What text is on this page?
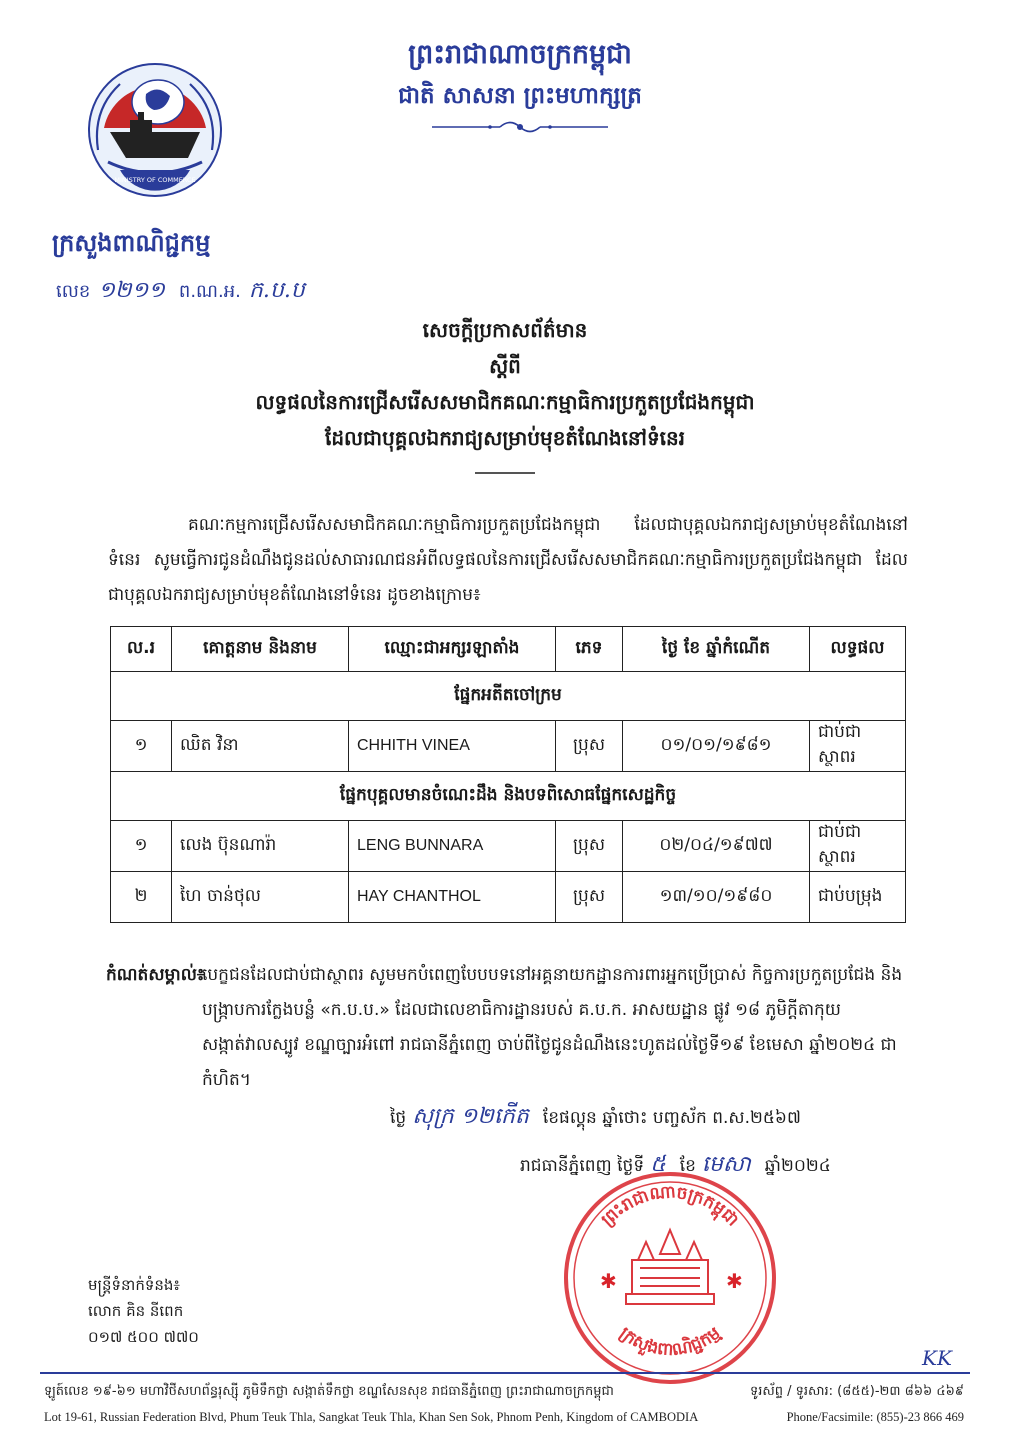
ព្រះរាជាណាចក្រកម្ពុជា
ជាតិ សាសនា ព្រះមហាក្សត្រ
MINISTRY OF COMMERCE
ក្រសួងពាណិជ្ជកម្ម
លេខ ១២១១ ព.ណ.អ. ក.ប.ប
សេចក្តីប្រកាសព័ត៌មាន
ស្តីពី
លទ្ធផលនៃការជ្រើសរើសសមាជិកគណៈកម្មាធិការប្រកួតប្រជែងកម្ពុជា
ដែលជាបុគ្គលឯករាជ្យសម្រាប់មុខតំណែងនៅទំនេរ
គណៈកម្មការជ្រើសរើសសមាជិកគណៈកម្មាធិការប្រកួតប្រជែងកម្ពុជា ដែលជាបុគ្គលឯករាជ្យសម្រាប់មុខតំណែងនៅទំនេរ សូមធ្វើការជូនដំណឹងជូនដល់សាធារណជនអំពីលទ្ធផលនៃការជ្រើសរើសសមាជិកគណៈកម្មាធិការប្រកួតប្រជែងកម្ពុជា ដែលជាបុគ្គលឯករាជ្យសម្រាប់មុខតំណែងនៅទំនេរ ដូចខាងក្រោម៖
ល.រ	គោត្តនាម និងនាម	ឈ្មោះជាអក្សរឡាតាំង	ភេទ	ថ្ងៃ ខែ ឆ្នាំកំណើត	លទ្ធផល
ផ្នែកអតីតចៅក្រម					
១	ឈិត វិនា	CHHITH VINEA	ប្រុស	០១/០១/១៩៨១	ជាប់ជាស្ថាពរ
ផ្នែកបុគ្គលមានចំណេះដឹង និងបទពិសោធផ្នែកសេដ្ឋកិច្ច					
១	លេង ប៊ុនណារ៉ា	LENG BUNNARA	ប្រុស	០២/០៤/១៩៧៧	ជាប់ជាស្ថាពរ
២	ហៃ ចាន់ថុល	HAY CHANTHOL	ប្រុស	១៣/១០/១៩៨០	ជាប់បម្រុង
កំណត់សម្គាល់៖
បេក្ខជនដែលជាប់ជាស្ថាពរ សូមមកបំពេញបែបបទនៅអគ្គនាយកដ្ឋានការពារអ្នកប្រើប្រាស់ កិច្ចការប្រកួតប្រជែង និងបង្ក្រាបការក្លែងបន្លំ «ក.ប.ប.» ដែលជាលេខាធិការដ្ឋានរបស់ គ.ប.ក. អាសយដ្ឋាន ផ្លូវ ១៨ ភូមិក្តីតាកុយ សង្កាត់វាលស្បូវ ខណ្ឌច្បារអំពៅ រាជធានីភ្នំពេញ ចាប់ពីថ្ងៃជូនដំណឹងនេះហូតដល់ថ្ងៃទី១៩ ខែមេសា ឆ្នាំ២០២៤ ជាកំហិត។
ថ្ងៃ សុក្រ ១២កើត ខែផល្គុន ឆ្នាំថោះ បញ្ចស័ក ព.ស.២៥៦៧
រាជធានីភ្នំពេញ ថ្ងៃទី ៥ ខែ មេសា ឆ្នាំ២០២៤
ព្រះរាជាណាចក្រកម្ពុជា
ក្រសួងពាណិជ្ជកម្ម
✱	✱
មន្ត្រីទំនាក់ទំនង៖
លោក គិន នីពេក
០១៧ ៥០០ ៧៧០
KK
ឡូត៍លេខ ១៩-៦១ មហាវិថីសហព័ន្ធរុស្ស៊ី ភូមិទឹកថ្លា សង្កាត់ទឹកថ្លា ខណ្ឌសែនសុខ រាជធានីភ្នំពេញ ព្រះរាជាណាចក្រកម្ពុជា	ទូរស័ព្ទ / ទូរសារ: (៨៥៥)-២៣ ៨៦៦ ៤៦៩
Lot 19-61, Russian Federation Blvd, Phum Teuk Thla, Sangkat Teuk Thla, Khan Sen Sok, Phnom Penh, Kingdom of CAMBODIA	Phone/Facsimile: (855)-23 866 469
